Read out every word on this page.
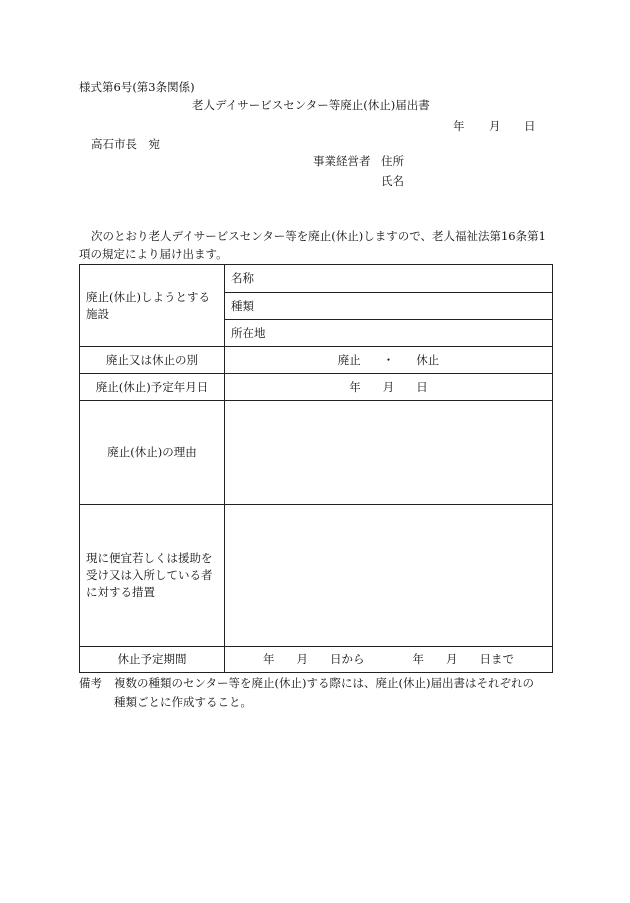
様式第6号(第3条関係)
老人デイサービスセンター等廃止(休止)届出書
年 月 日
高石市長　宛
事業経営者 住所
氏名
次のとおり老人デイサービスセンター等を廃止(休止)しますので、老人福祉法第16条第1
項の規定により届け出ます。
廃止(休止)しようとする施設	名称
	種類
	所在地
廃止又は休止の別	廃止 ・ 休止
廃止(休止)予定年月日	年 月 日
廃止(休止)の理由	
現に便宜若しくは援助を受け又は入所している者に対する措置	
休止予定期間	年 月 日から 年 月 日まで
備考 複数の種類のセンター等を廃止(休止)する際には、廃止(休止)届出書はそれぞれの
種類ごとに作成すること。
